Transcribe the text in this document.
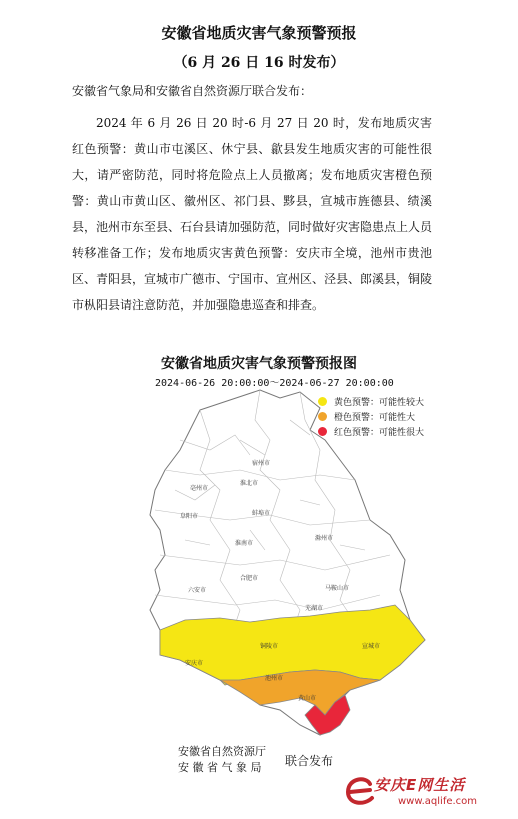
安徽省地质灾害气象预警预报
（6 月 26 日 16 时发布）
安徽省气象局和安徽省自然资源厅联合发布：
2024 年 6 月 26 日 20 时-6 月 27 日 20 时，发布地质灾害红色预警：黄山市屯溪区、休宁县、歙县发生地质灾害的可能性很大，请严密防范，同时将危险点上人员撤离；发布地质灾害橙色预警：黄山市黄山区、徽州区、祁门县、黟县，宣城市旌德县、绩溪县，池州市东至县、石台县请加强防范，同时做好灾害隐患点上人员转移准备工作；发布地质灾害黄色预警：安庆市全境，池州市贵池区、青阳县，宣城市广德市、宁国市、宣州区、泾县、郎溪县，铜陵市枞阳县请注意防范，并加强隐患巡查和排查。
安徽省地质灾害气象预警预报图
2024-06-26 20:00:00～2024-06-27 20:00:00
黄色预警：可能性较大
橙色预警：可能性大
红色预警：可能性很大
宿州市
淮北市
阜阳市	蚌埠市
淮南市
亳州市
滁州市
合肥市
六安市	马鞍山市
芜湖市
铜陵市	宣城市
安庆市
池州市
黄山市
安徽省自然资源厅
安 徽 省 气 象 局	联合发布
安庆E网生活
www.aqlife.com
